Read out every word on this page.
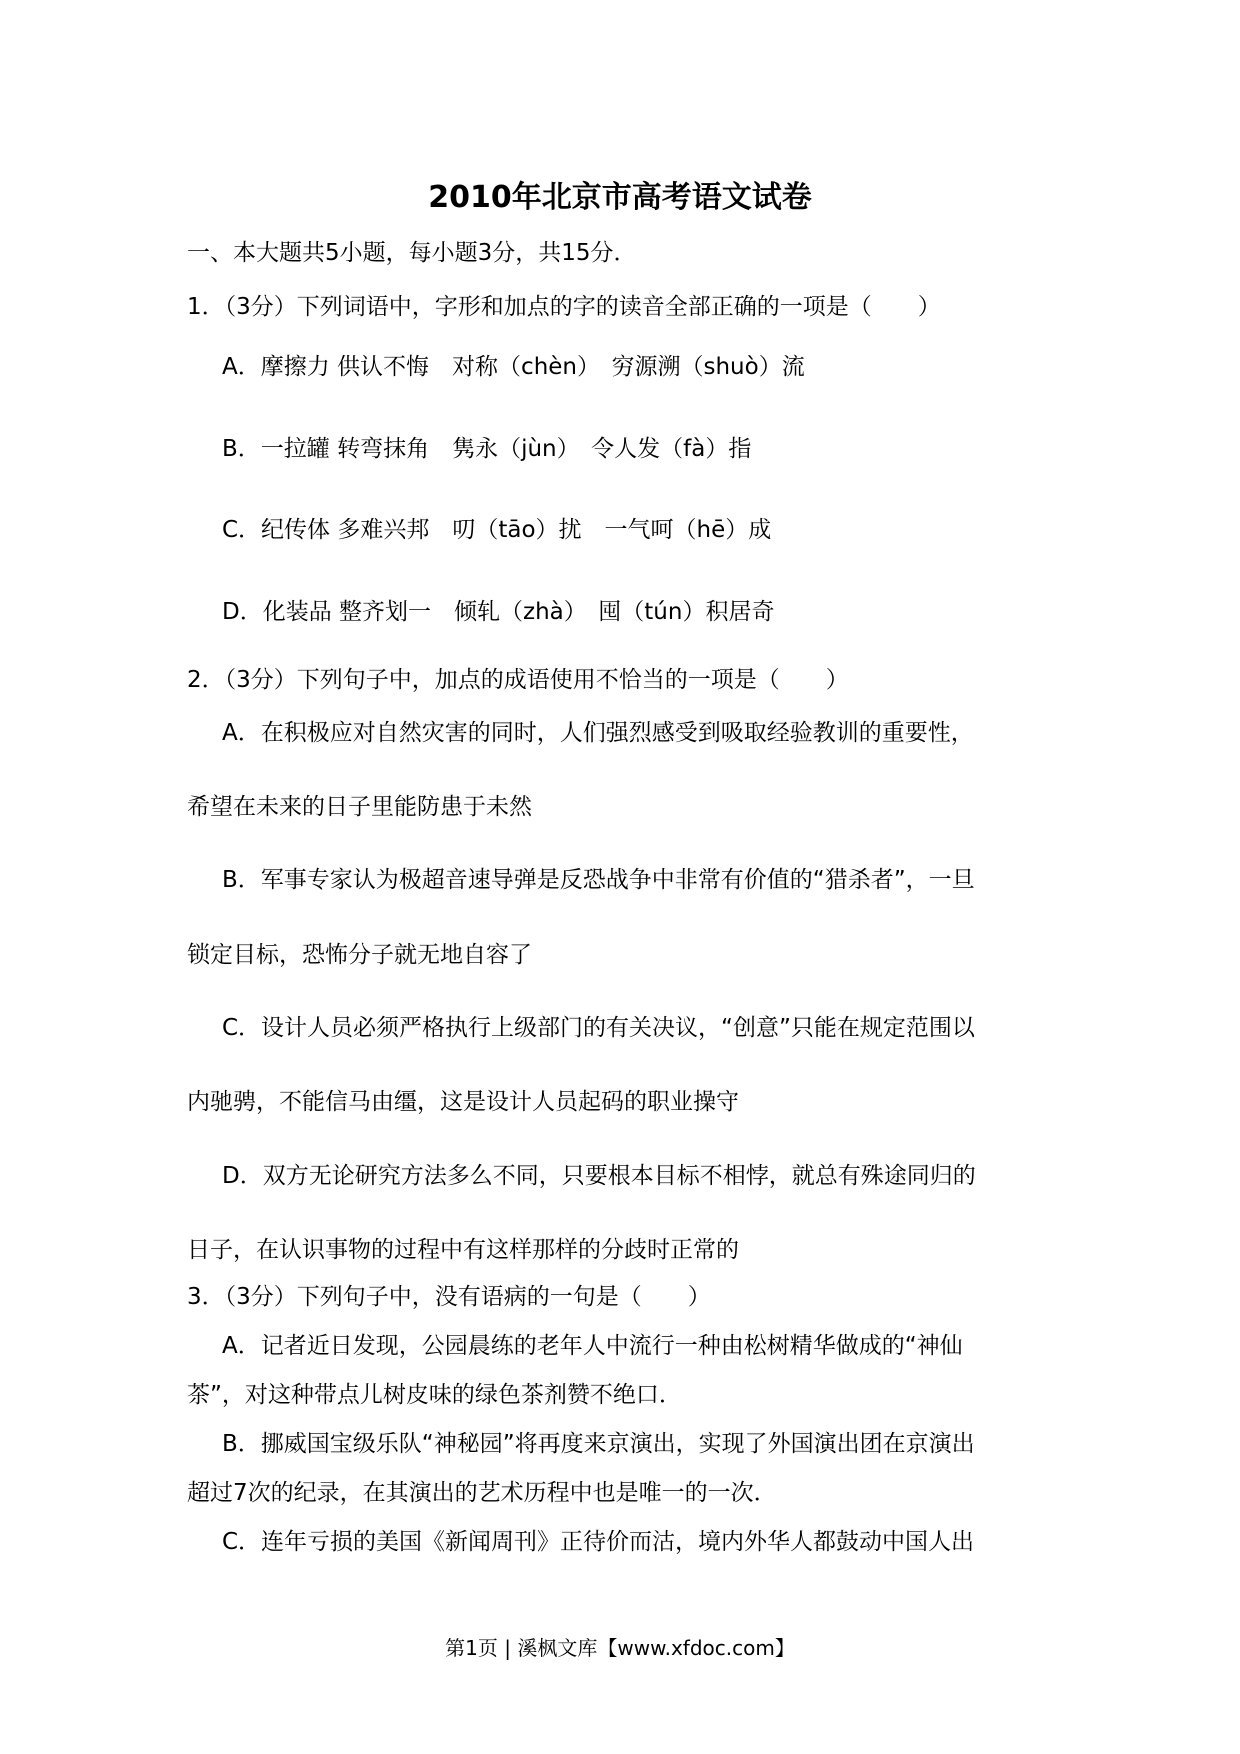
2010年北京市高考语文试卷
一、本大题共5小题，每小题3分，共15分．
1．（3分）下列词语中，字形和加点的字的读音全部正确的一项是（　　）
A．摩擦力 供认不悔　对称（chèn）　穷源溯（shuò）流
B．一拉罐 转弯抹角　隽永（jùn）　令人发（fà）指
C．纪传体 多难兴邦　叨（tāo）扰　一气呵（hē）成
D．化装品 整齐划一　倾轧（zhà）　囤（tún）积居奇
2．（3分）下列句子中，加点的成语使用不恰当的一项是（　　）
A．在积极应对自然灾害的同时，人们强烈感受到吸取经验教训的重要性，
希望在未来的日子里能防患于未然
B．军事专家认为极超音速导弹是反恐战争中非常有价值的“猎杀者”，一旦
锁定目标，恐怖分子就无地自容了
C．设计人员必须严格执行上级部门的有关决议，“创意”只能在规定范围以
内驰骋，不能信马由缰，这是设计人员起码的职业操守
D．双方无论研究方法多么不同，只要根本目标不相悖，就总有殊途同归的
日子，在认识事物的过程中有这样那样的分歧时正常的
3．（3分）下列句子中，没有语病的一句是（　　）
A．记者近日发现，公园晨练的老年人中流行一种由松树精华做成的“神仙
茶”，对这种带点儿树皮味的绿色茶剂赞不绝口．
B．挪威国宝级乐队“神秘园”将再度来京演出，实现了外国演出团在京演出
超过7次的纪录，在其演出的艺术历程中也是唯一的一次．
C．连年亏损的美国《新闻周刊》正待价而沽，境内外华人都鼓动中国人出
第1页 | 溪枫文库【www.xfdoc.com】
